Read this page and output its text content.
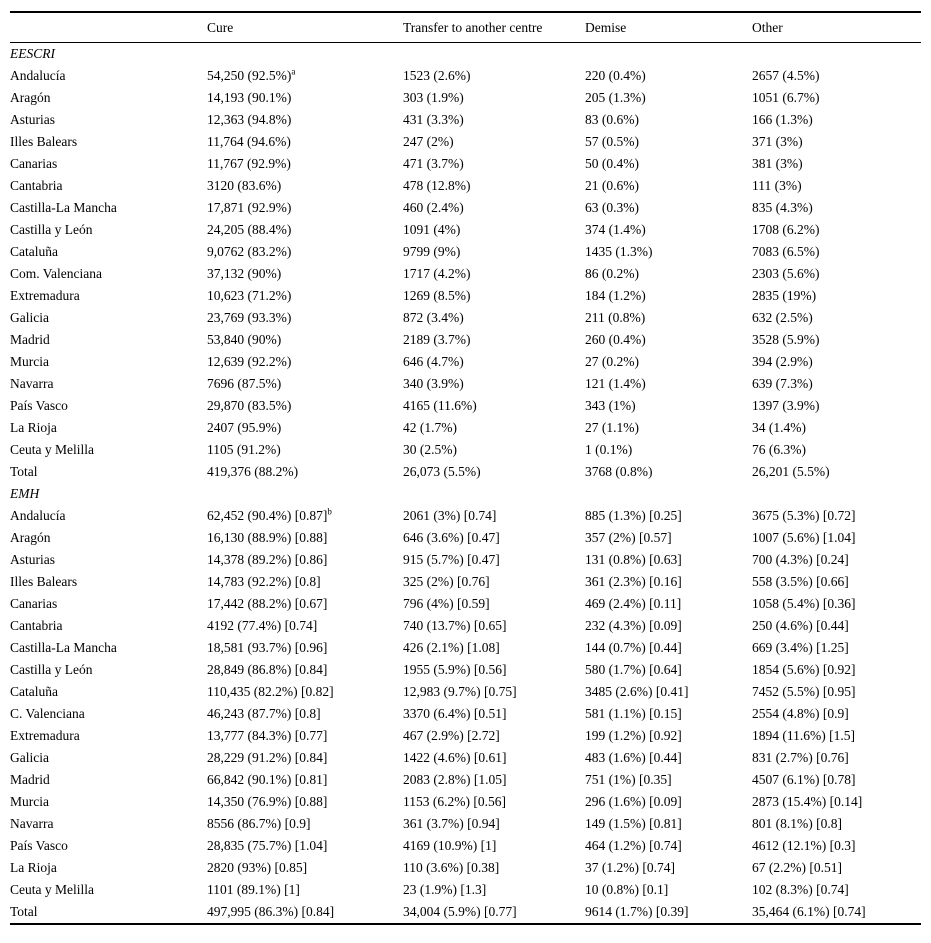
	Cure	Transfer to another centre	Demise	Other
EESCRI				
Andalucía	54,250 $(92.5\%)^a$	1523 (2.6%)	220 (0.4%)	2657 (4.5%)
Aragón	14,193 (90.1%)	303 (1.9%)	205 (1.3%)	1051 (6.7%)
Asturias	12,363 (94.8%)	431 (3.3%)	83 (0.6%)	166 (1.3%)
Illes Balears	11,764 (94.6%)	247 (2%)	57 (0.5%)	371 (3%)
Canarias	11,767 (92.9%)	471 (3.7%)	50 (0.4%)	381 (3%)
Cantabria	3120 (83.6%)	478 (12.8%)	21 (0.6%)	111 (3%)
Castilla-La Mancha	17,871 (92.9%)	460 (2.4%)	63 (0.3%)	835 (4.3%)
Castilla y León	24,205 (88.4%)	1091 (4%)	374 (1.4%)	1708 (6.2%)
Cataluña	9,0762 (83.2%)	9799 (9%)	1435 (1.3%)	7083 (6.5%)
Com. Valenciana	37,132 (90%)	1717 (4.2%)	86 (0.2%)	2303 (5.6%)
Extremadura	10,623 (71.2%)	1269 (8.5%)	184 (1.2%)	2835 (19%)
Galicia	23,769 (93.3%)	872 (3.4%)	211 (0.8%)	632 (2.5%)
Madrid	53,840 (90%)	2189 (3.7%)	260 (0.4%)	3528 (5.9%)
Murcia	12,639 (92.2%)	646 (4.7%)	27 (0.2%)	394 (2.9%)
Navarra	7696 (87.5%)	340 (3.9%)	121 (1.4%)	639 (7.3%)
País Vasco	29,870 (83.5%)	4165 (11.6%)	343 (1%)	1397 (3.9%)
La Rioja	2407 (95.9%)	42 (1.7%)	27 (1.1%)	34 (1.4%)
Ceuta y Melilla	1105 (91.2%)	30 (2.5%)	1 (0.1%)	76 (6.3%)
Total	419,376 (88.2%)	26,073 (5.5%)	3768 (0.8%)	26,201 (5.5%)
EMH				
Andalucía	62,452 (90.4%) $[0.87]^b$	2061 (3%) [0.74]	885 (1.3%) [0.25]	3675 (5.3%) [0.72]
Aragón	16,130 (88.9%) [0.88]	646 (3.6%) [0.47]	357 (2%) [0.57]	1007 (5.6%) [1.04]
Asturias	14,378 (89.2%) [0.86]	915 (5.7%) [0.47]	131 (0.8%) [0.63]	700 (4.3%) [0.24]
Illes Balears	14,783 (92.2%) [0.8]	325 (2%) [0.76]	361 (2.3%) [0.16]	558 (3.5%) [0.66]
Canarias	17,442 (88.2%) [0.67]	796 (4%) [0.59]	469 (2.4%) [0.11]	1058 (5.4%) [0.36]
Cantabria	4192 (77.4%) [0.74]	740 (13.7%) [0.65]	232 (4.3%) [0.09]	250 (4.6%) [0.44]
Castilla-La Mancha	18,581 (93.7%) [0.96]	426 (2.1%) [1.08]	144 (0.7%) [0.44]	669 (3.4%) [1.25]
Castilla y León	28,849 (86.8%) [0.84]	1955 (5.9%) [0.56]	580 (1.7%) [0.64]	1854 (5.6%) [0.92]
Cataluña	110,435 (82.2%) [0.82]	12,983 (9.7%) [0.75]	3485 (2.6%) [0.41]	7452 (5.5%) [0.95]
C. Valenciana	46,243 (87.7%) [0.8]	3370 (6.4%) [0.51]	581 (1.1%) [0.15]	2554 (4.8%) [0.9]
Extremadura	13,777 (84.3%) [0.77]	467 (2.9%) [2.72]	199 (1.2%) [0.92]	1894 (11.6%) [1.5]
Galicia	28,229 (91.2%) [0.84]	1422 (4.6%) [0.61]	483 (1.6%) [0.44]	831 (2.7%) [0.76]
Madrid	66,842 (90.1%) [0.81]	2083 (2.8%) [1.05]	751 (1%) [0.35]	4507 (6.1%) [0.78]
Murcia	14,350 (76.9%) [0.88]	1153 (6.2%) [0.56]	296 (1.6%) [0.09]	2873 (15.4%) [0.14]
Navarra	8556 (86.7%) [0.9]	361 (3.7%) [0.94]	149 (1.5%) [0.81]	801 (8.1%) [0.8]
País Vasco	28,835 (75.7%) [1.04]	4169 (10.9%) [1]	464 (1.2%) [0.74]	4612 (12.1%) [0.3]
La Rioja	2820 (93%) [0.85]	110 (3.6%) [0.38]	37 (1.2%) [0.74]	67 (2.2%) [0.51]
Ceuta y Melilla	1101 (89.1%) [1]	23 (1.9%) [1.3]	10 (0.8%) [0.1]	102 (8.3%) [0.74]
Total	497,995 (86.3%) [0.84]	34,004 (5.9%) [0.77]	9614 (1.7%) [0.39]	35,464 (6.1%) [0.74]
